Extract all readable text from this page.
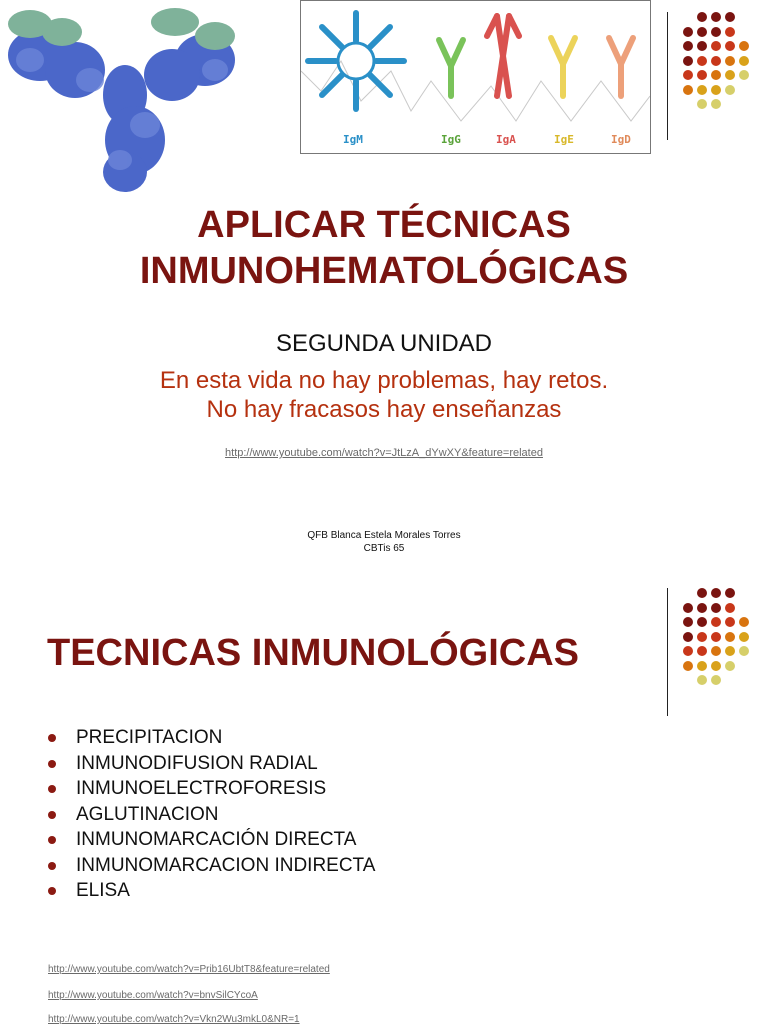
IgM	IgG	IgA	IgE	IgD
APLICAR TÉCNICAS
INMUNOHEMATOLÓGICAS
SEGUNDA UNIDAD
En esta vida no hay problemas, hay retos.
No hay fracasos hay enseñanzas
http://www.youtube.com/watch?v=JtLzA_dYwXY&feature=related
QFB Blanca Estela Morales Torres
CBTis 65
TECNICAS INMUNOLÓGICAS
PRECIPITACION
INMUNODIFUSION RADIAL
INMUNOELECTROFORESIS
AGLUTINACION
INMUNOMARCACIÓN DIRECTA
INMUNOMARCACION INDIRECTA
ELISA
http://www.youtube.com/watch?v=Prib16UbtT8&feature=related
http://www.youtube.com/watch?v=bnvSilCYcoA
http://www.youtube.com/watch?v=Vkn2Wu3mkL0&NR=1
